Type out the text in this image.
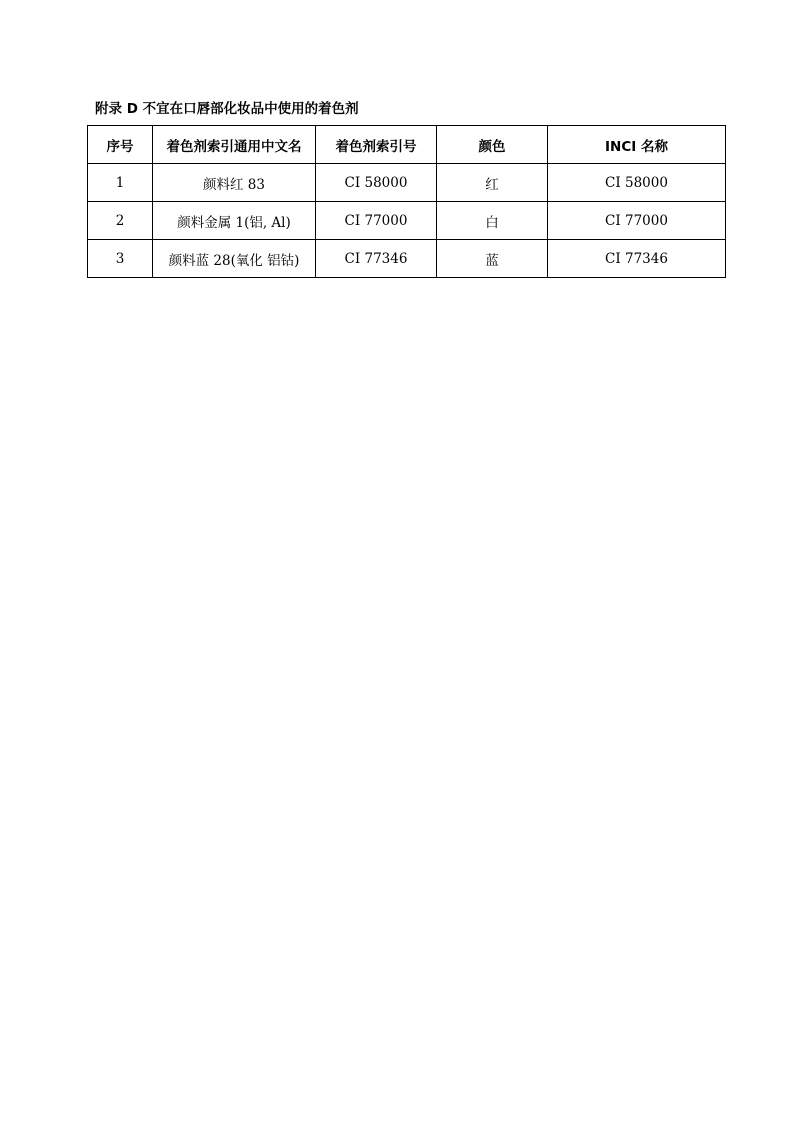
附录 D 不宜在口唇部化妆品中使用的着色剂
序号	着色剂索引通用中文名	着色剂索引号	颜色	INCI 名称
1	颜料红 83	CI 58000	红	CI 58000
2	颜料金属 1(铝, Al)	CI 77000	白	CI 77000
3	颜料蓝 28(氧化 铝钴)	CI 77346	蓝	CI 77346
